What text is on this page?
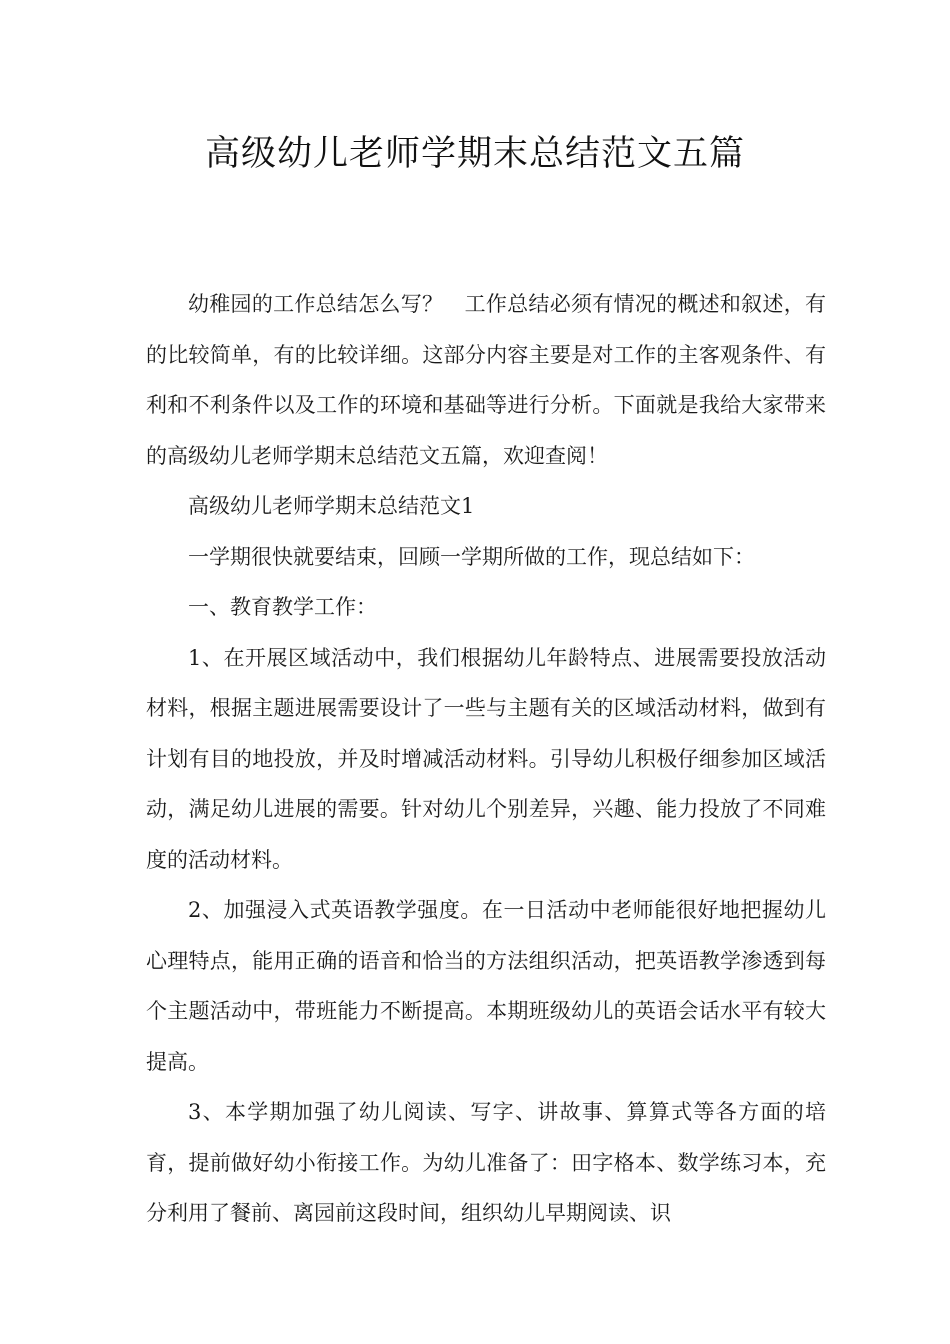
高级幼儿老师学期末总结范文五篇

幼稚园的工作总结怎么写？　工作总结必须有情况的概述和叙述，有的比较简单，有的比较详细。这部分内容主要是对工作的主客观条件、有利和不利条件以及工作的环境和基础等进行分析。下面就是我给大家带来的高级幼儿老师学期末总结范文五篇，欢迎查阅！

高级幼儿老师学期末总结范文1

一学期很快就要结束，回顾一学期所做的工作，现总结如下：

一、教育教学工作：

1、在开展区域活动中，我们根据幼儿年龄特点、进展需要投放活动材料，根据主题进展需要设计了一些与主题有关的区域活动材料，做到有计划有目的地投放，并及时增减活动材料。引导幼儿积极仔细参加区域活动，满足幼儿进展的需要。针对幼儿个别差异，兴趣、能力投放了不同难度的活动材料。

2、加强浸入式英语教学强度。在一日活动中老师能很好地把握幼儿心理特点，能用正确的语音和恰当的方法组织活动，把英语教学渗透到每个主题活动中，带班能力不断提高。本期班级幼儿的英语会话水平有较大提高。

3、本学期加强了幼儿阅读、写字、讲故事、算算式等各方面的培育，提前做好幼小衔接工作。为幼儿准备了：田字格本、数学练习本，充分利用了餐前、离园前这段时间，组织幼儿早期阅读、识
